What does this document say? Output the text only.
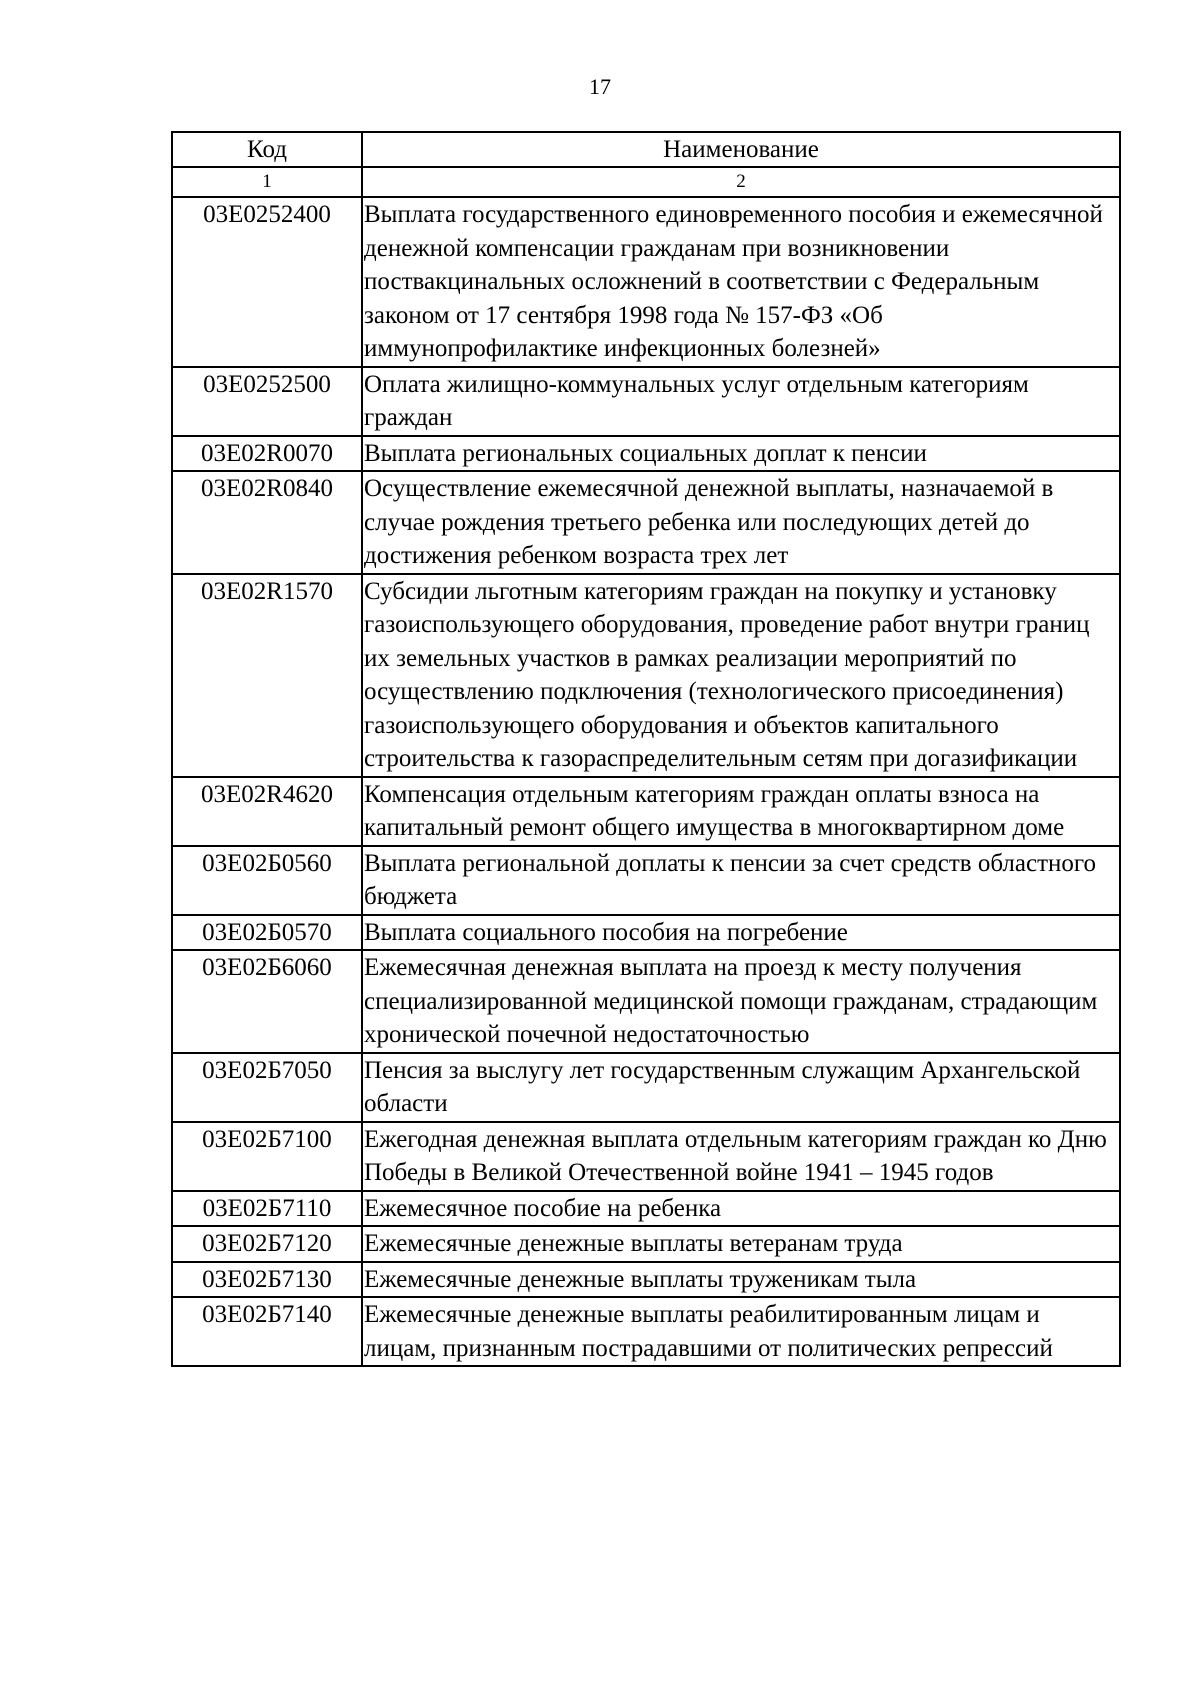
17
Код	Наименование
1	2
03Е0252400	Выплата государственного единовременного пособия и ежемесячной денежной компенсации гражданам при возникновении поствакцинальных осложнений в соответствии с Федеральным законом от 17 сентября 1998 года № 157-ФЗ «Об иммунопрофилактике инфекционных болезней»
03Е0252500	Оплата жилищно-коммунальных услуг отдельным категориям граждан
03Е02R0070	Выплата региональных социальных доплат к пенсии
03Е02R0840	Осуществление ежемесячной денежной выплаты, назначаемой в случае рождения третьего ребенка или последующих детей до достижения ребенком возраста трех лет
03Е02R1570	Субсидии льготным категориям граждан на покупку и установку газоиспользующего оборудования, проведение работ внутри границ их земельных участков в рамках реализации мероприятий по осуществлению подключения (технологического присоединения) газоиспользующего оборудования и объектов капитального строительства к газораспределительным сетям при догазификации
03Е02R4620	Компенсация отдельным категориям граждан оплаты взноса на капитальный ремонт общего имущества в многоквартирном доме
03Е02Б0560	Выплата региональной доплаты к пенсии за счет средств областного бюджета
03Е02Б0570	Выплата социального пособия на погребение
03Е02Б6060	Ежемесячная денежная выплата на проезд к месту получения специализированной медицинской помощи гражданам, страдающим хронической почечной недостаточностью
03Е02Б7050	Пенсия за выслугу лет государственным служащим Архангельской области
03Е02Б7100	Ежегодная денежная выплата отдельным категориям граждан ко Дню Победы в Великой Отечественной войне 1941 – 1945 годов
03Е02Б7110	Ежемесячное пособие на ребенка
03Е02Б7120	Ежемесячные денежные выплаты ветеранам труда
03Е02Б7130	Ежемесячные денежные выплаты труженикам тыла
03Е02Б7140	Ежемесячные денежные выплаты реабилитированным лицам и лицам, признанным пострадавшими от политических репрессий
